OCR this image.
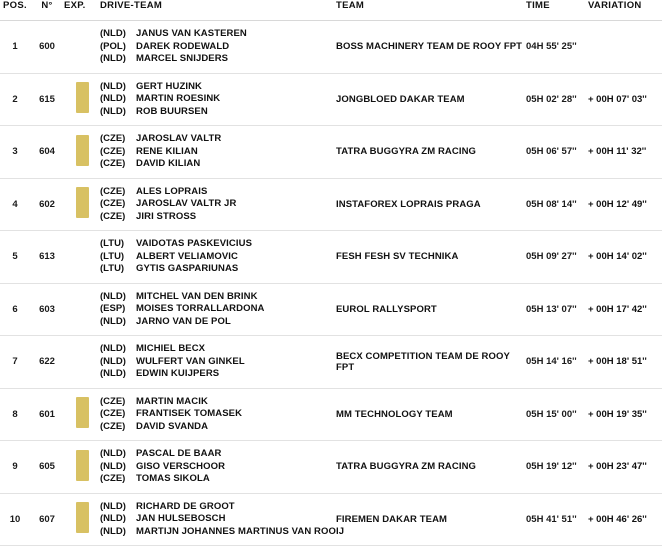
POS.	N°	EXP.	DRIVE-TEAM	TEAM	TIME	VARIATION
1	600		
(NLD) JANUS VAN KASTEREN
(POL) DAREK RODEWALD
(NLD) MARCEL SNIJDERS
	BOSS MACHINERY TEAM DE ROOY FPT	04H 55' 25''	
2	615		
(NLD) GERT HUZINK
(NLD) MARTIN ROESINK
(NLD) ROB BUURSEN
	JONGBLOED DAKAR TEAM	05H 02' 28''	+ 00H 07' 03''
3	604		
(CZE) JAROSLAV VALTR
(CZE) RENE KILIAN
(CZE) DAVID KILIAN
	TATRA BUGGYRA ZM RACING	05H 06' 57''	+ 00H 11' 32''
4	602		
(CZE) ALES LOPRAIS
(CZE) JAROSLAV VALTR JR
(CZE) JIRI STROSS
	INSTAFOREX LOPRAIS PRAGA	05H 08' 14''	+ 00H 12' 49''
5	613		
(LTU) VAIDOTAS PASKEVICIUS
(LTU) ALBERT VELIAMOVIC
(LTU) GYTIS GASPARIUNAS
	FESH FESH SV TECHNIKA	05H 09' 27''	+ 00H 14' 02''
6	603		
(NLD) MITCHEL VAN DEN BRINK
(ESP) MOISES TORRALLARDONA
(NLD) JARNO VAN DE POL
	EUROL RALLYSPORT	05H 13' 07''	+ 00H 17' 42''
7	622		
(NLD) MICHIEL BECX
(NLD) WULFERT VAN GINKEL
(NLD) EDWIN KUIJPERS
	BECX COMPETITION TEAM DE ROOY FPT	05H 14' 16''	+ 00H 18' 51''
8	601		
(CZE) MARTIN MACIK
(CZE) FRANTISEK TOMASEK
(CZE) DAVID SVANDA
	MM TECHNOLOGY TEAM	05H 15' 00''	+ 00H 19' 35''
9	605		
(NLD) PASCAL DE BAAR
(NLD) GISO VERSCHOOR
(CZE) TOMAS SIKOLA
	TATRA BUGGYRA ZM RACING	05H 19' 12''	+ 00H 23' 47''
10	607		
(NLD) RICHARD DE GROOT
(NLD) JAN HULSEBOSCH
(NLD) MARTIJN JOHANNES MARTINUS VAN ROOIJ
	FIREMEN DAKAR TEAM	05H 41' 51''	+ 00H 46' 26''
